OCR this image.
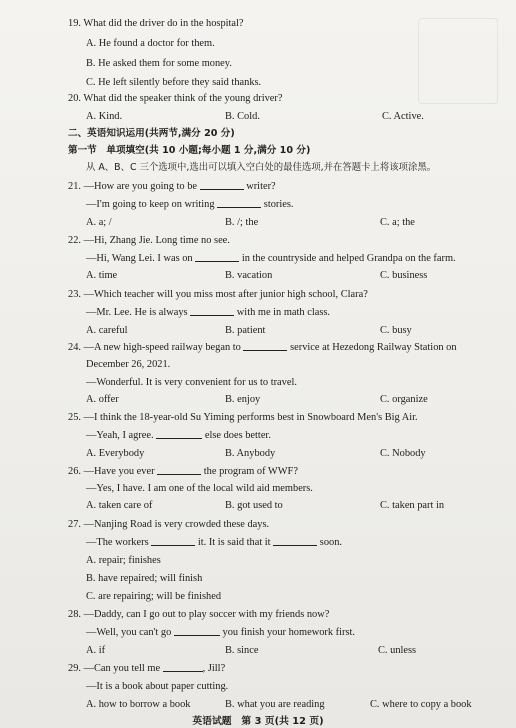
19. What did the driver do in the hospital?
A. He found a doctor for them.
B. He asked them for some money.
C. He left silently before they said thanks.
20. What did the speaker think of the young driver?
A. Kind.	B. Cold.	C. Active.
二、英语知识运用(共两节,满分 20 分)
第一节　单项填空(共 10 小题;每小题 1 分,满分 10 分)
从 A、B、C 三个选项中,选出可以填入空白处的最佳选项,并在答题卡上将该项涂黑。
21. —How are you going to be	writer?
—I'm going to keep on writing	stories.
A. a; /	B. /; the	C. a; the
22. —Hi, Zhang Jie. Long time no see.
—Hi, Wang Lei. I was on	in the countryside and helped Grandpa on the farm.
A. time	B. vacation	C. business
23. —Which teacher will you miss most after junior high school, Clara?
—Mr. Lee. He is always	with me in math class.
A. careful	B. patient	C. busy
24. —A new high-speed railway began to	service at Hezedong Railway Station on
December 26, 2021.
—Wonderful. It is very convenient for us to travel.
A. offer	B. enjoy	C. organize
25. —I think the 18-year-old Su Yiming performs best in Snowboard Men's Big Air.
—Yeah, I agree.	else does better.
A. Everybody	B. Anybody	C. Nobody
26. —Have you ever	the program of WWF?
—Yes, I have. I am one of the local wild aid members.
A. taken care of	B. got used to	C. taken part in
27. —Nanjing Road is very crowded these days.
—The workers	it. It is said that it	soon.
A. repair; finishes
B. have repaired; will finish
C. are repairing; will be finished
28. —Daddy, can I go out to play soccer with my friends now?
—Well, you can't go	you finish your homework first.
A. if	B. since	C. unless
29. —Can you tell me	, Jill?
—It is a book about paper cutting.
A. how to borrow a book	B. what you are reading	C. where to copy a book
英语试题　第 3 页(共 12 页)
